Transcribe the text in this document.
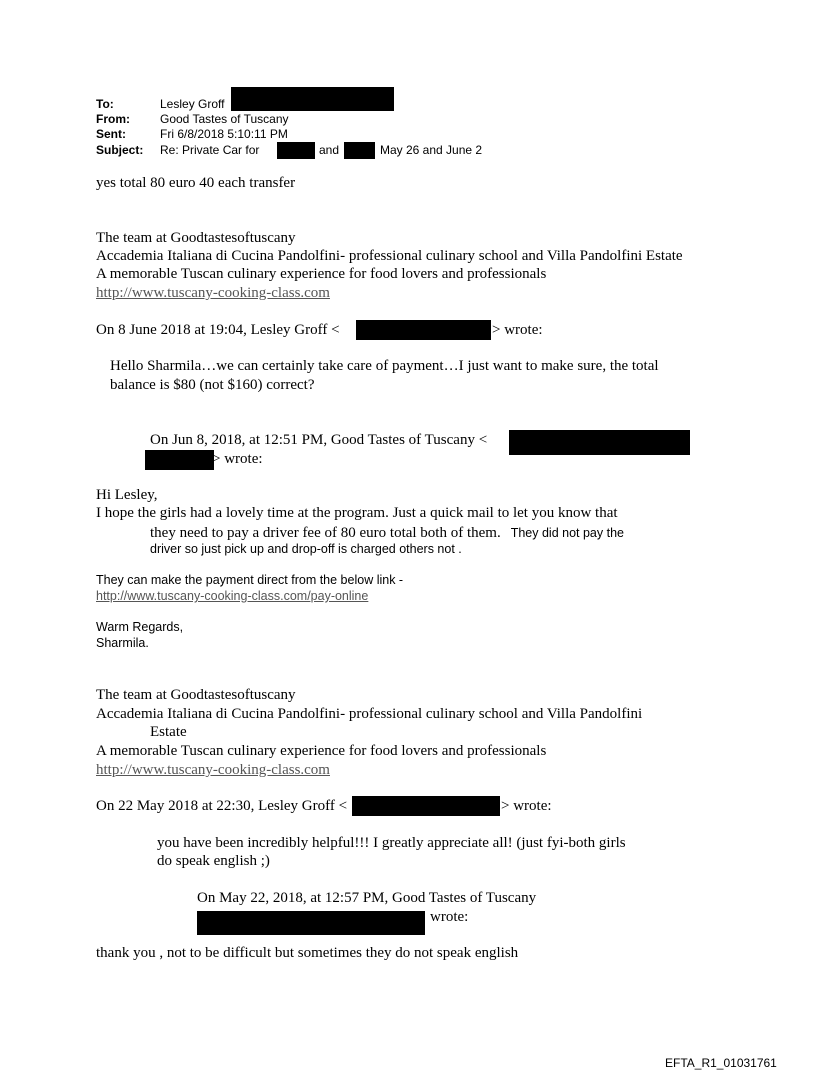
To:	Lesley Groff
From:	Good Tastes of Tuscany
Sent:	Fri 6/8/2018 5:10:11 PM
Subject: Re: Private Car for	and	May 26 and June 2
yes total 80 euro 40 each transfer
The team at Goodtastesoftuscany
Accademia Italiana di Cucina Pandolfini- professional culinary school and Villa Pandolfini Estate
A memorable Tuscan culinary experience for food lovers and professionals
http://www.tuscany-cooking-class.com
On 8 June 2018 at 19:04, Lesley Groff <	> wrote:
Hello Sharmila…we can certainly take care of payment…I just want to make sure, the total
balance is $80 (not $160) correct?
On Jun 8, 2018, at 12:51 PM, Good Tastes of Tuscany <
> wrote:
Hi Lesley,
I hope the girls had a lovely time at the program. Just a quick mail to let you know that
they need to pay a driver fee of 80 euro total both of them. They did not pay the
driver so just pick up and drop-off is charged others not .
They can make the payment direct from the below link -
http://www.tuscany-cooking-class.com/pay-online
Warm Regards,
Sharmila.
The team at Goodtastesoftuscany
Accademia Italiana di Cucina Pandolfini- professional culinary school and Villa Pandolfini
Estate
A memorable Tuscan culinary experience for food lovers and professionals
http://www.tuscany-cooking-class.com
On 22 May 2018 at 22:30, Lesley Groff <	> wrote:
you have been incredibly helpful!!! I greatly appreciate all! (just fyi-both girls
do speak english ;)
On May 22, 2018, at 12:57 PM, Good Tastes of Tuscany
wrote:
thank you , not to be difficult but sometimes they do not speak english
EFTA_R1_01031761
